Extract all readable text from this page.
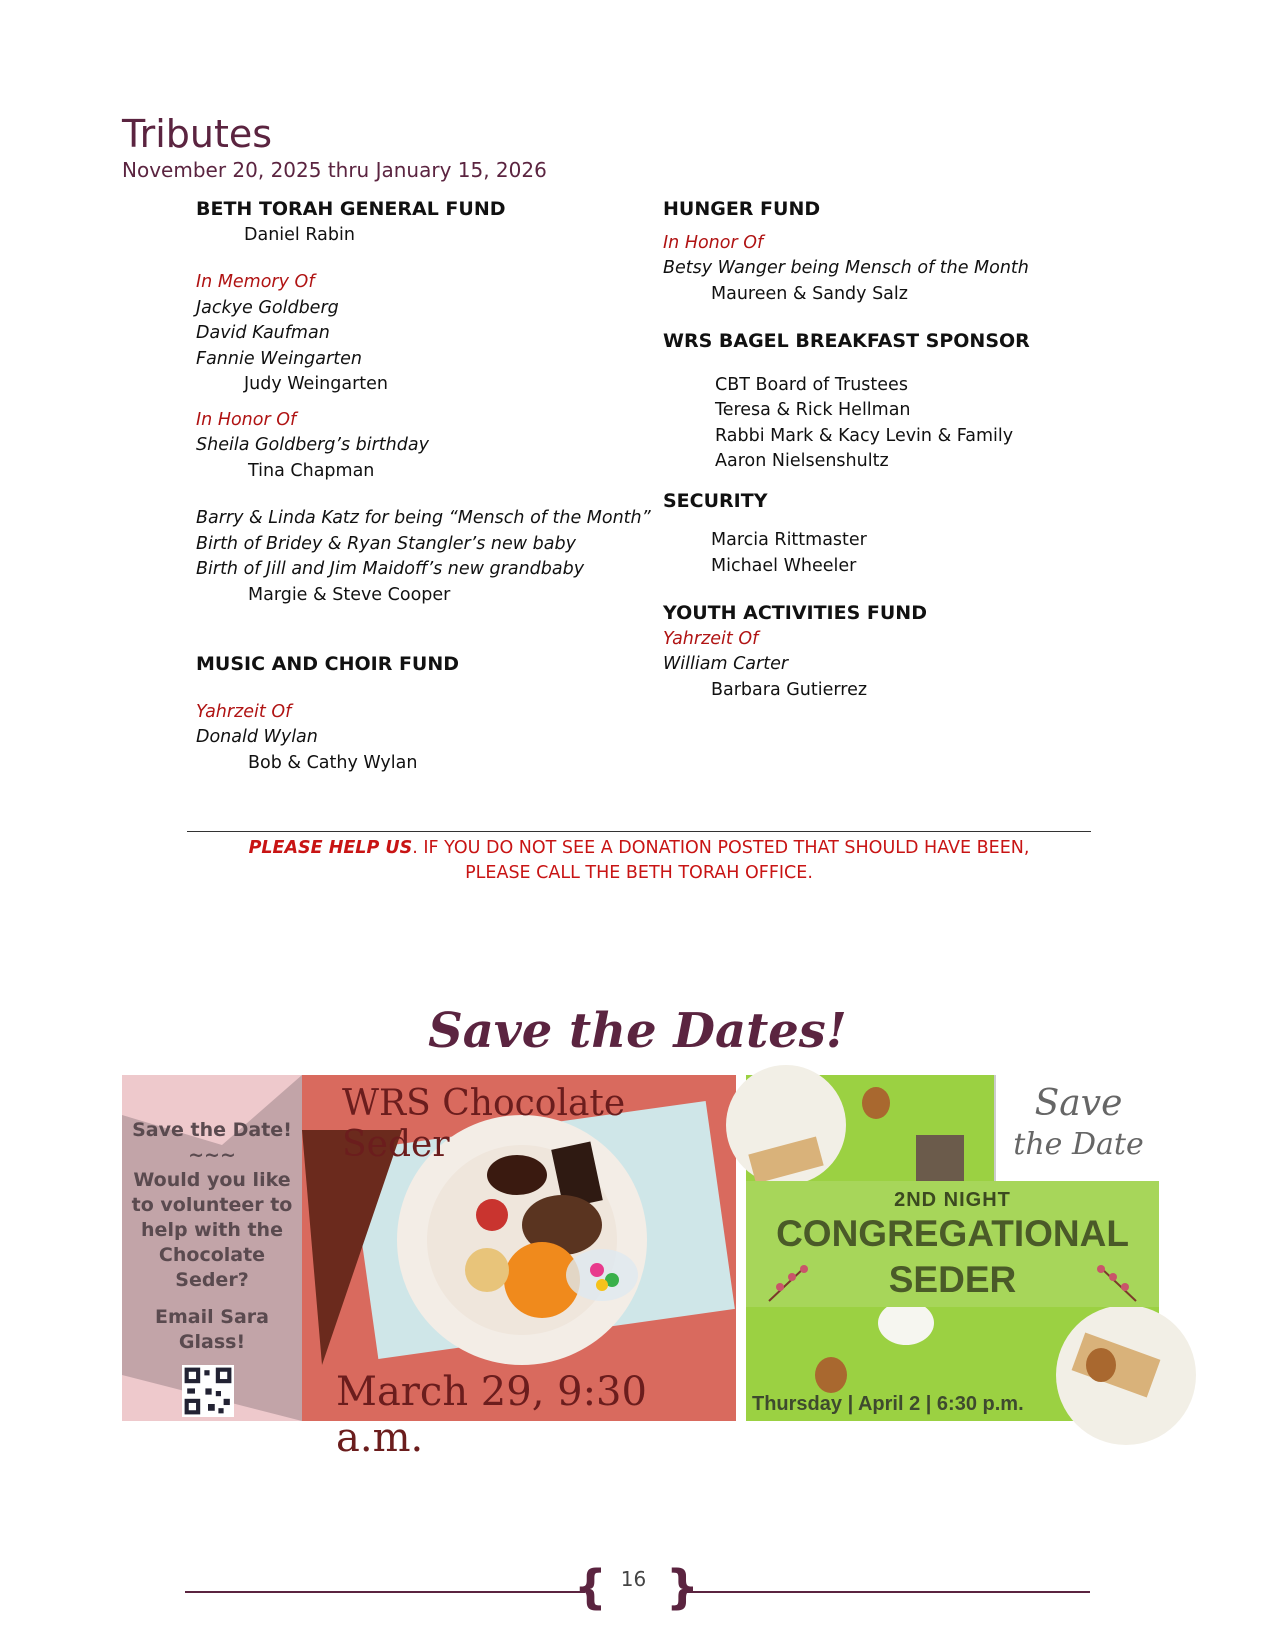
Tributes
November 20, 2025 thru January 15, 2026
BETH TORAH GENERAL FUND
Daniel Rabin
In Memory Of
Jackye Goldberg
David Kaufman
Fannie Weingarten
Judy Weingarten
In Honor Of
Sheila Goldberg’s birthday
Tina Chapman
Barry & Linda Katz for being “Mensch of the Month”
Birth of Bridey & Ryan Stangler’s new baby
Birth of Jill and Jim Maidoff’s new grandbaby
Margie & Steve Cooper
MUSIC AND CHOIR FUND
Yahrzeit Of
Donald Wylan
Bob & Cathy Wylan
HUNGER FUND
In Honor Of
Betsy Wanger being Mensch of the Month
Maureen & Sandy Salz
WRS BAGEL BREAKFAST SPONSOR
CBT Board of Trustees
Teresa & Rick Hellman
Rabbi Mark & Kacy Levin & Family
Aaron Nielsenshultz
SECURITY
Marcia Rittmaster
Michael Wheeler
YOUTH ACTIVITIES FUND
Yahrzeit Of
William Carter
Barbara Gutierrez
PLEASE HELP US. IF YOU DO NOT SEE A DONATION POSTED THAT SHOULD HAVE BEEN,
PLEASE CALL THE BETH TORAH OFFICE.
Save the Dates!
Save the Date!
~~~
Would you like
to volunteer to
help with the
Chocolate
Seder?
Email Sara
Glass!
WRS Chocolate Seder
March 29, 9:30 a.m.
Save
the Date
2ND NIGHT
CONGREGATIONAL
SEDER
Thursday | April 2 | 6:30 p.m.
{ 16 }
